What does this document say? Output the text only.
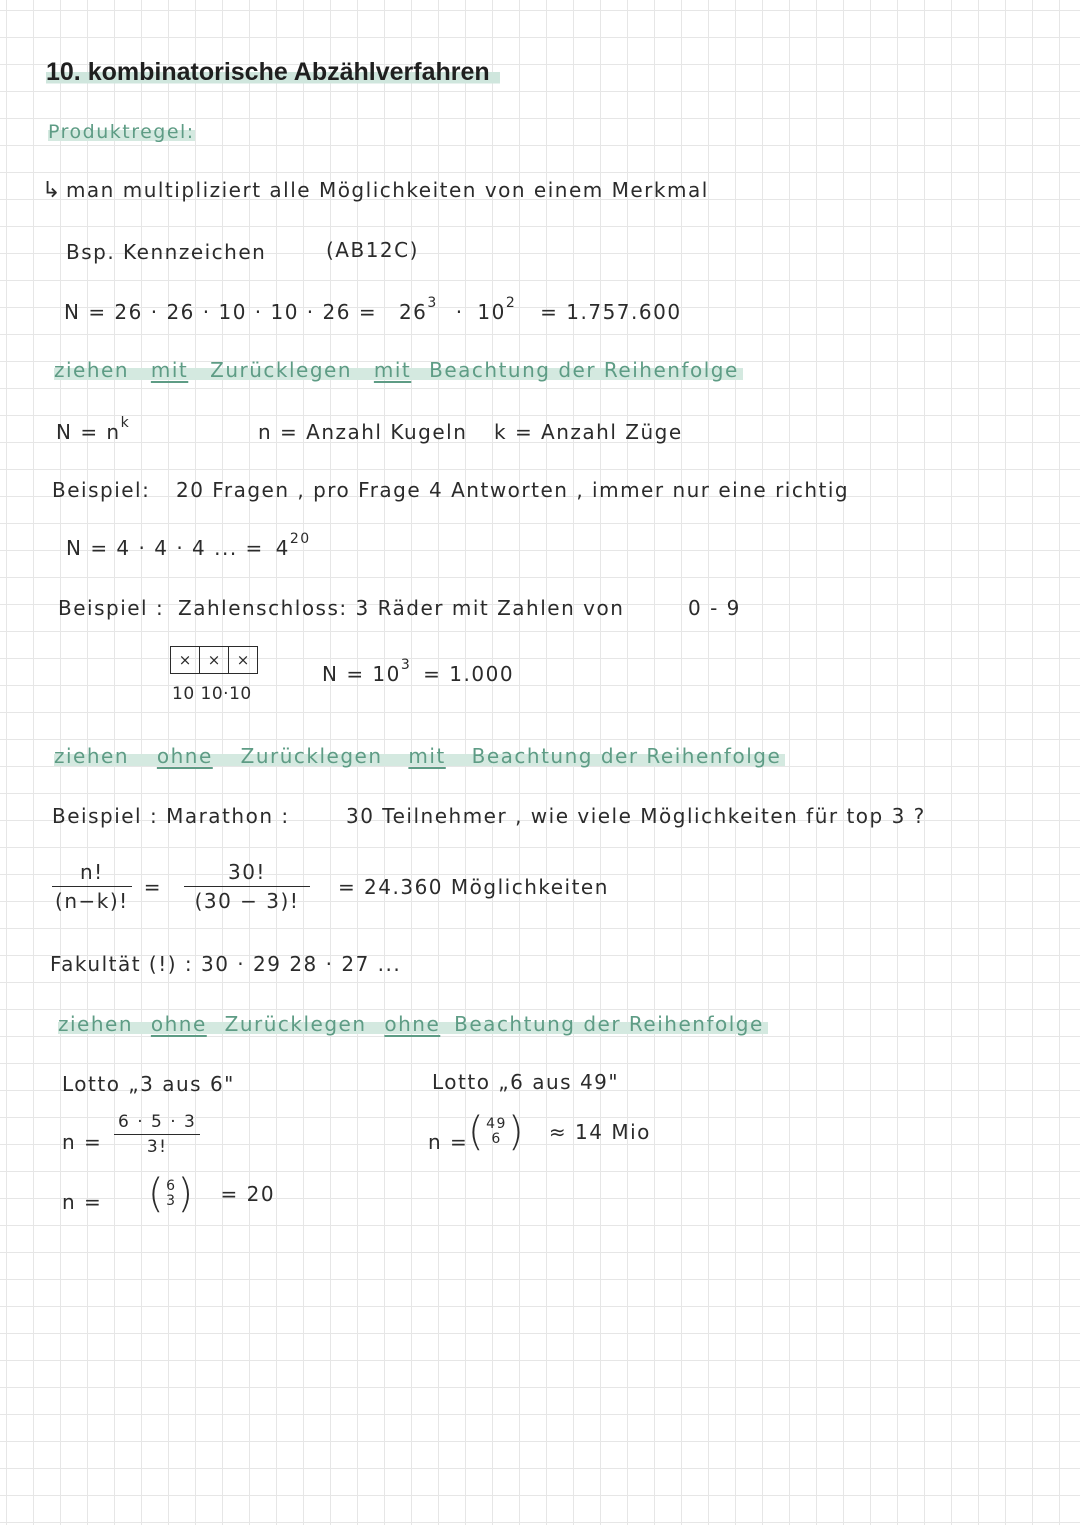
10. kombinatorische Abzählverfahren
Produktregel:
↳ man multipliziert alle Möglichkeiten von einem Merkmal
Bsp. Kennzeichen	(AB12C)
$N = 26 \cdot 26 \cdot 10 \cdot 10 \cdot 26 = 26^3 \cdot 10^2 = 1.757.600$
ziehen mit Zurücklegen mit Beachtung der Reihenfolge
$N = n^k$	n = Anzahl Kugeln k = Anzahl Züge
Beispiel: 20 Fragen , pro Frage 4 Antworten , immer nur eine richtig
N = 4 · 4 · 4 ... = $4^{20}$
Beispiel : Zahlenschloss: 3 Räder mit Zahlen von	0 - 9
×	×	×
10 10·10
$N = 10^3 = 1.000$
ziehen ohne Zurücklegen mit Beachtung der Reihenfolge
Beispiel : Marathon :	30 Teilnehmer , wie viele Möglichkeiten für top 3 ?
$\frac{n!}{(n-k)!} = \frac{30!}{(30 - 3)!} = 24.360$ Möglichkeiten
Fakultät (!) : 30 · 29 28 · 27 ...
ziehen ohne Zurücklegen ohne Beachtung der Reihenfolge
Lotto „3 aus 6"
$n = \frac{6 \cdot 5 \cdot 3}{3!}$
n = ( 6
3 ) = 20
Lotto „6 aus 49"
n = ( 49
6 ) ≈ 14 Mio
